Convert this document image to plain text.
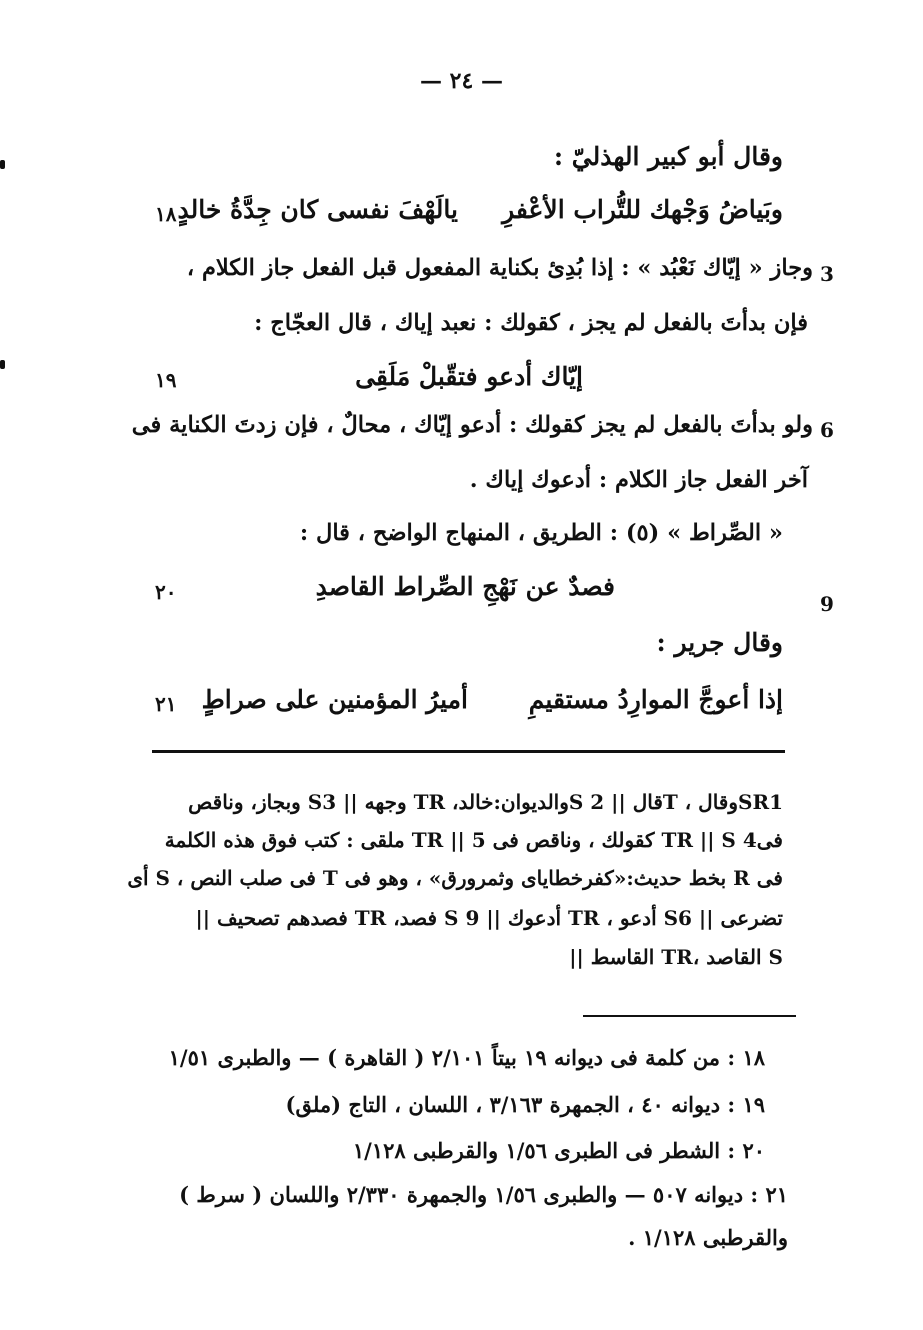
— ٢٤ —
وقال أبو كبير الهذليّ :
وبَياضُ وَجْهك للتُّراب الأعْفرِ
يالَهْفَ نفسى كان جِدَّةُ خالدٍ
وجاز « إيّاك نَعْبُد » : إذا بُدِئ بكناية المفعول قبل الفعل جاز الكلام ،
فإن بدأتَ بالفعل لم يجز ، كقولك : نعبد إياك ، قال العجّاج :
إيّاك أدعو فتقّبلْ مَلَقِى
ولو بدأتَ بالفعل لم يجز كقولك : أدعو إيّاك ، محالٌ ، فإن زدتَ الكناية فى
آخر الفعل جاز الكلام : أدعوك إياك .
« الصِّراط » (٥) : الطريق ، المنهاج الواضح ، قال :
فصدٌ عن نَهْجِ الصِّراط القاصدِ
وقال جرير :
إذا أعوجَّ الموارِدُ مستقيمِ
أميرُ المؤمنين على صراطٍ
١٨
١٩
٢٠
٢١
3
6
9
SR1وقال ، Tقال || S 2والديوان:خالد، TR وجهه || S3 وبجاز، وناقص
فىTR || S 4 كقولك ، وناقص فى TR || 5 ملقى : كتب فوق هذه الكلمة
فى R بخط حديث:«كفرخطاياى وثمرورق» ، وهو فى T فى صلب النص ، S أى
تضرعى || S6 أدعو ، TR أدعوك || S 9 فصد، TR فصدهم تصحيف ||
S القاصد ،TR القاسط ||
١٨ : من كلمة فى ديوانه ١٩ بيتاً ٢/١٠١ ( القاهرة ) — والطبرى ١/٥١
١٩ : ديوانه ٤٠ ، الجمهرة ٣/١٦٣ ، اللسان ، التاج (ملق)
٢٠ : الشطر فى الطبرى ١/٥٦ والقرطبى ١/١٢٨
٢١ : ديوانه ٥٠٧ — والطبرى ١/٥٦ والجمهرة ٢/٣٣٠ واللسان ( سرط )
والقرطبى ١/١٢٨ .
